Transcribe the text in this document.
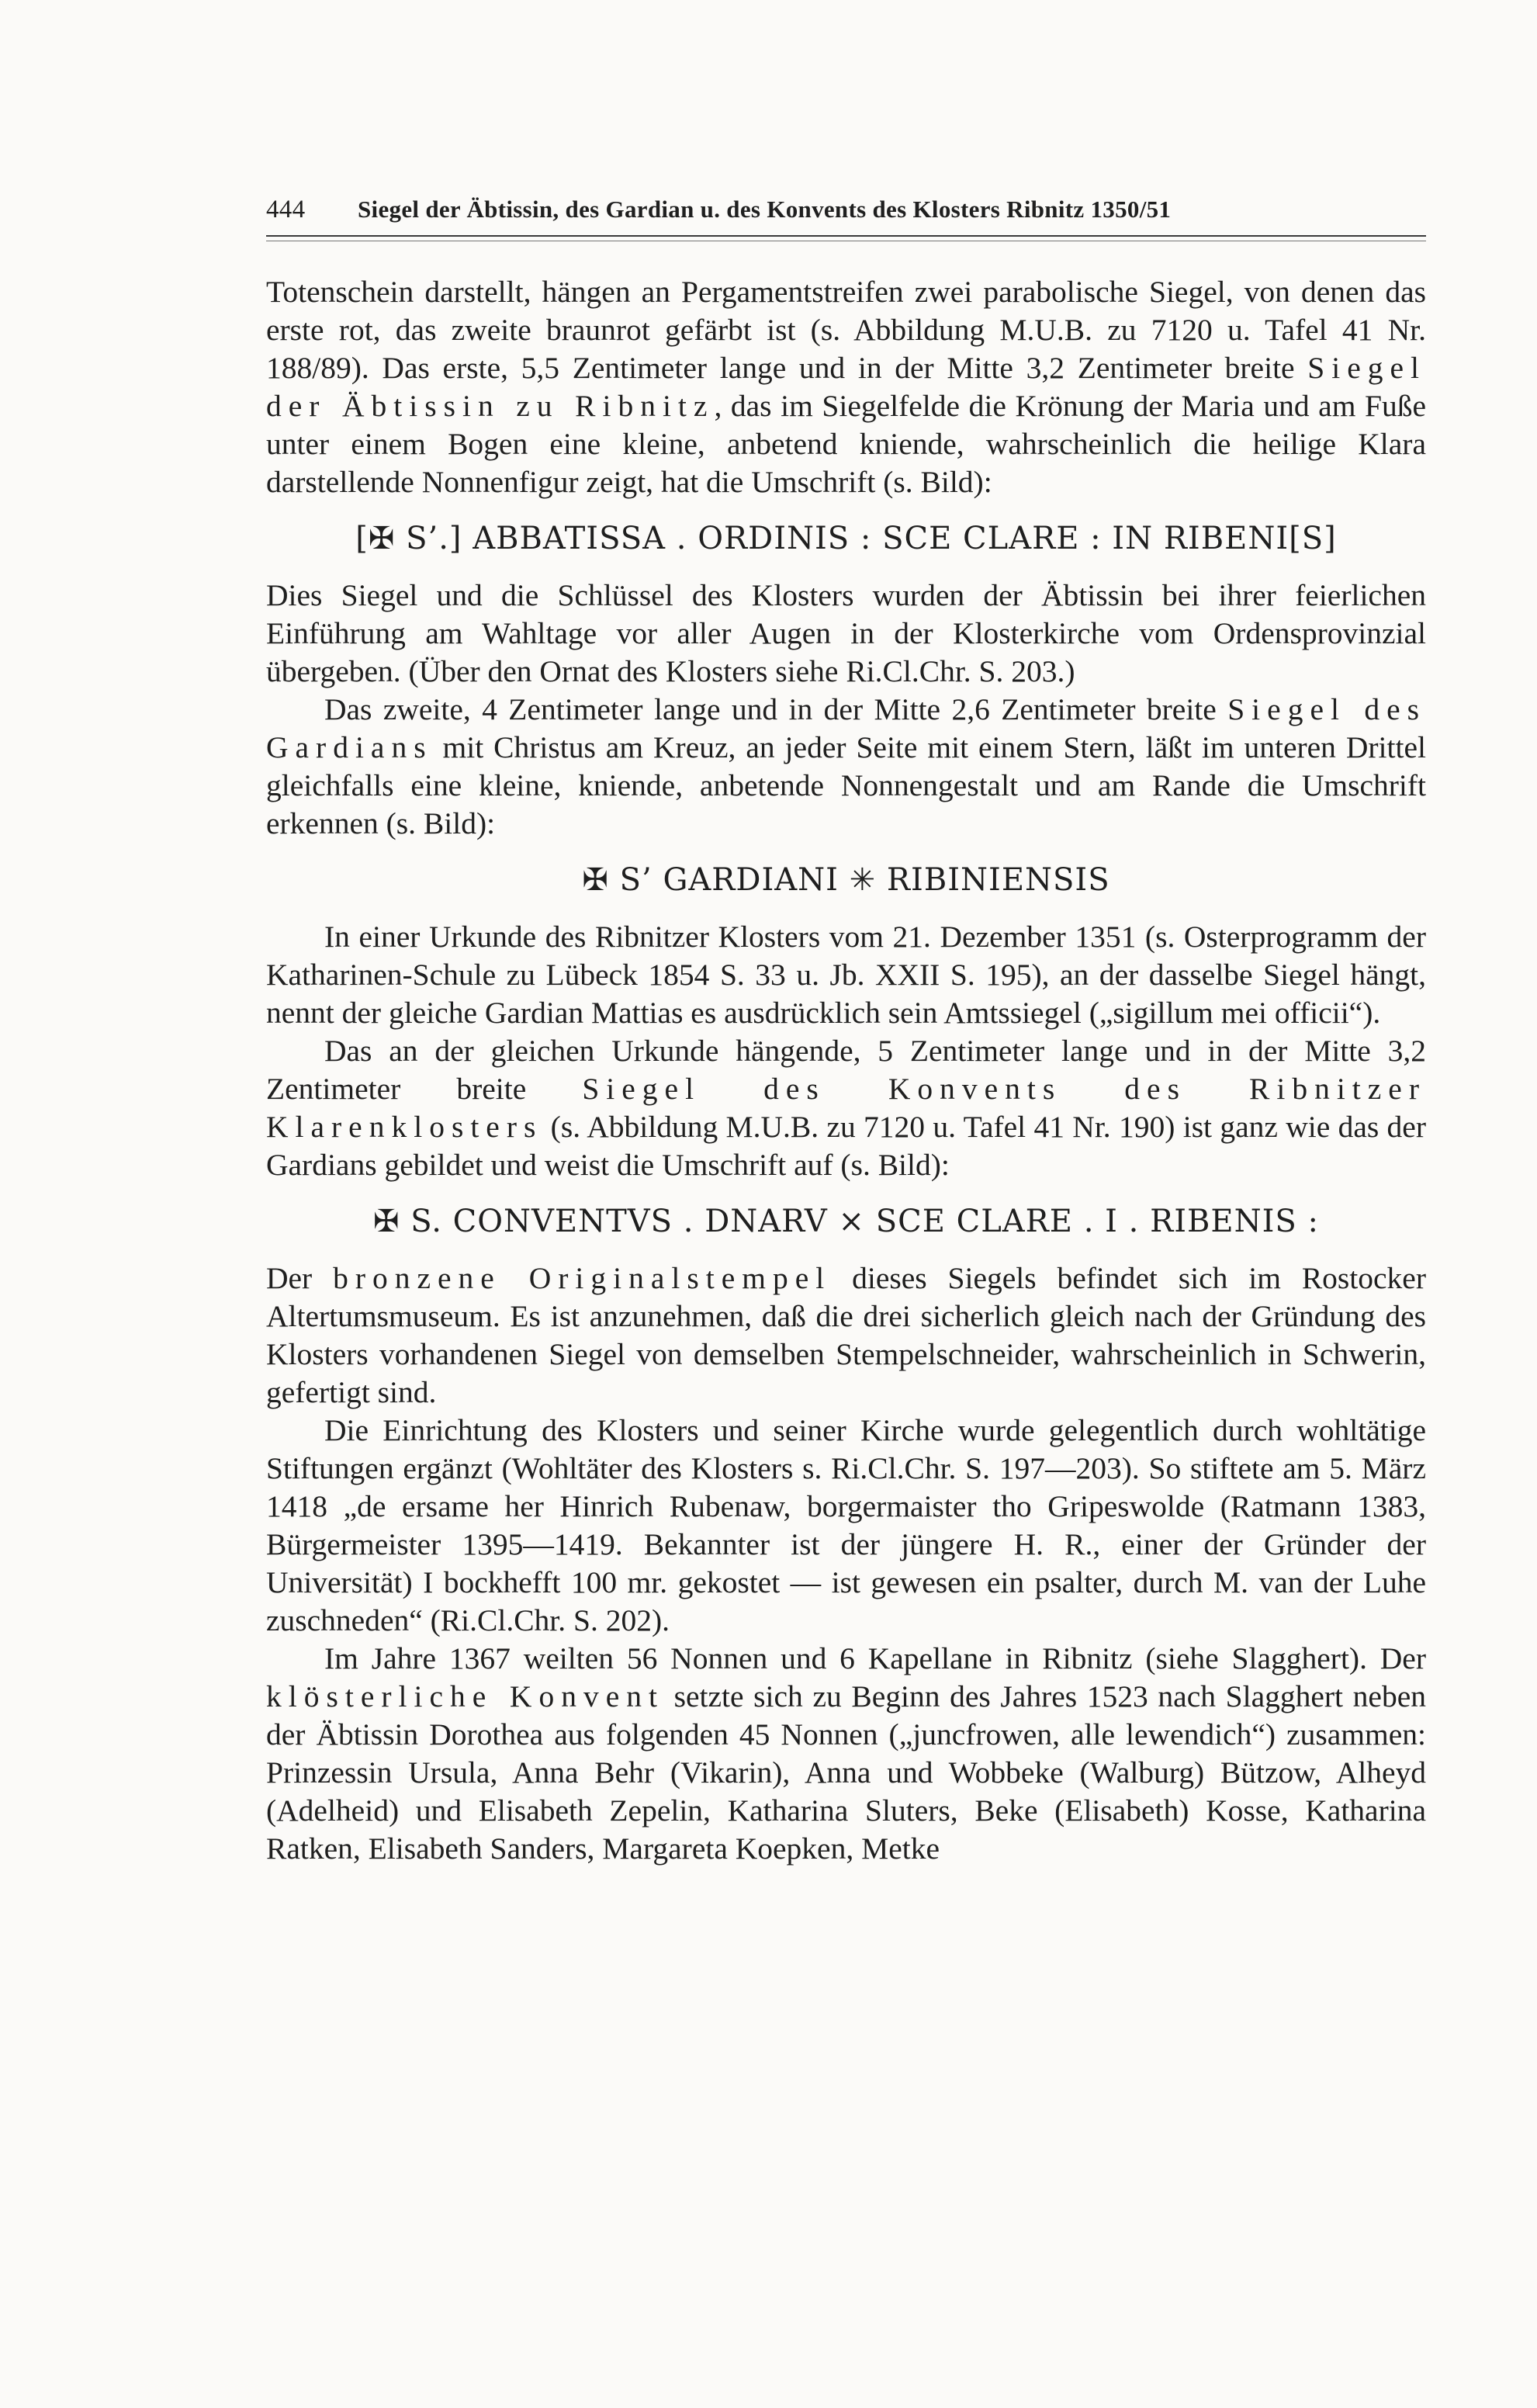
444	Siegel der Äbtissin, des Gardian u. des Konvents des Klosters Ribnitz 1350/51

Totenschein darstellt, hängen an Pergamentstreifen zwei parabolische Siegel, von denen das erste rot, das zweite braunrot gefärbt ist (s. Abbildung M.U.B. zu 7120 u. Tafel 41 Nr. 188/89). Das erste, 5,5 Zentimeter lange und in der Mitte 3,2 Zentimeter breite Siegel der Äbtissin zu Ribnitz, das im Siegelfelde die Krönung der Maria und am Fuße unter einem Bogen eine kleine, anbetend kniende, wahrscheinlich die heilige Klara darstellende Nonnenfigur zeigt, hat die Umschrift (s. Bild):

[✠ S’.] ABBATISSA . ORDINIS : SCE CLARE : IN RIBENI[S]

Dies Siegel und die Schlüssel des Klosters wurden der Äbtissin bei ihrer feierlichen Einführung am Wahltage vor aller Augen in der Klosterkirche vom Ordensprovinzial übergeben. (Über den Ornat des Klosters siehe Ri.Cl.Chr. S. 203.)

Das zweite, 4 Zentimeter lange und in der Mitte 2,6 Zentimeter breite Siegel des Gardians mit Christus am Kreuz, an jeder Seite mit einem Stern, läßt im unteren Drittel gleichfalls eine kleine, kniende, anbetende Nonnengestalt und am Rande die Umschrift erkennen (s. Bild):

✠ S’ GARDIANI ✳ RIBINIENSIS

In einer Urkunde des Ribnitzer Klosters vom 21. Dezember 1351 (s. Osterprogramm der Katharinen-Schule zu Lübeck 1854 S. 33 u. Jb. XXII S. 195), an der dasselbe Siegel hängt, nennt der gleiche Gardian Mattias es ausdrücklich sein Amtssiegel („sigillum mei officii“).

Das an der gleichen Urkunde hängende, 5 Zentimeter lange und in der Mitte 3,2 Zentimeter breite Siegel des Konvents des Ribnitzer Klarenklosters (s. Abbildung M.U.B. zu 7120 u. Tafel 41 Nr. 190) ist ganz wie das der Gardians gebildet und weist die Umschrift auf (s. Bild):

✠ S. CONVENTVS . DNARV × SCE CLARE . I . RIBENIS :

Der bronzene Originalstempel dieses Siegels befindet sich im Rostocker Altertumsmuseum. Es ist anzunehmen, daß die drei sicherlich gleich nach der Gründung des Klosters vorhandenen Siegel von demselben Stempelschneider, wahrscheinlich in Schwerin, gefertigt sind.

Die Einrichtung des Klosters und seiner Kirche wurde gelegentlich durch wohltätige Stiftungen ergänzt (Wohltäter des Klosters s. Ri.Cl.Chr. S. 197—203). So stiftete am 5. März 1418 „de ersame her Hinrich Rubenaw, borgermaister tho Gripeswolde (Ratmann 1383, Bürgermeister 1395—1419. Bekannter ist der jüngere H. R., einer der Gründer der Universität) I bockhefft 100 mr. gekostet — ist gewesen ein psalter, durch M. van der Luhe zuschneden“ (Ri.Cl.Chr. S. 202).

Im Jahre 1367 weilten 56 Nonnen und 6 Kapellane in Ribnitz (siehe Slagghert). Der klösterliche Konvent setzte sich zu Beginn des Jahres 1523 nach Slagghert neben der Äbtissin Dorothea aus folgenden 45 Nonnen („juncfrowen, alle lewendich“) zusammen: Prinzessin Ursula, Anna Behr (Vikarin), Anna und Wobbeke (Walburg) Bützow, Alheyd (Adelheid) und Elisabeth Zepelin, Katharina Sluters, Beke (Elisabeth) Kosse, Katharina Ratken, Elisabeth Sanders, Margareta Koepken, Metke
